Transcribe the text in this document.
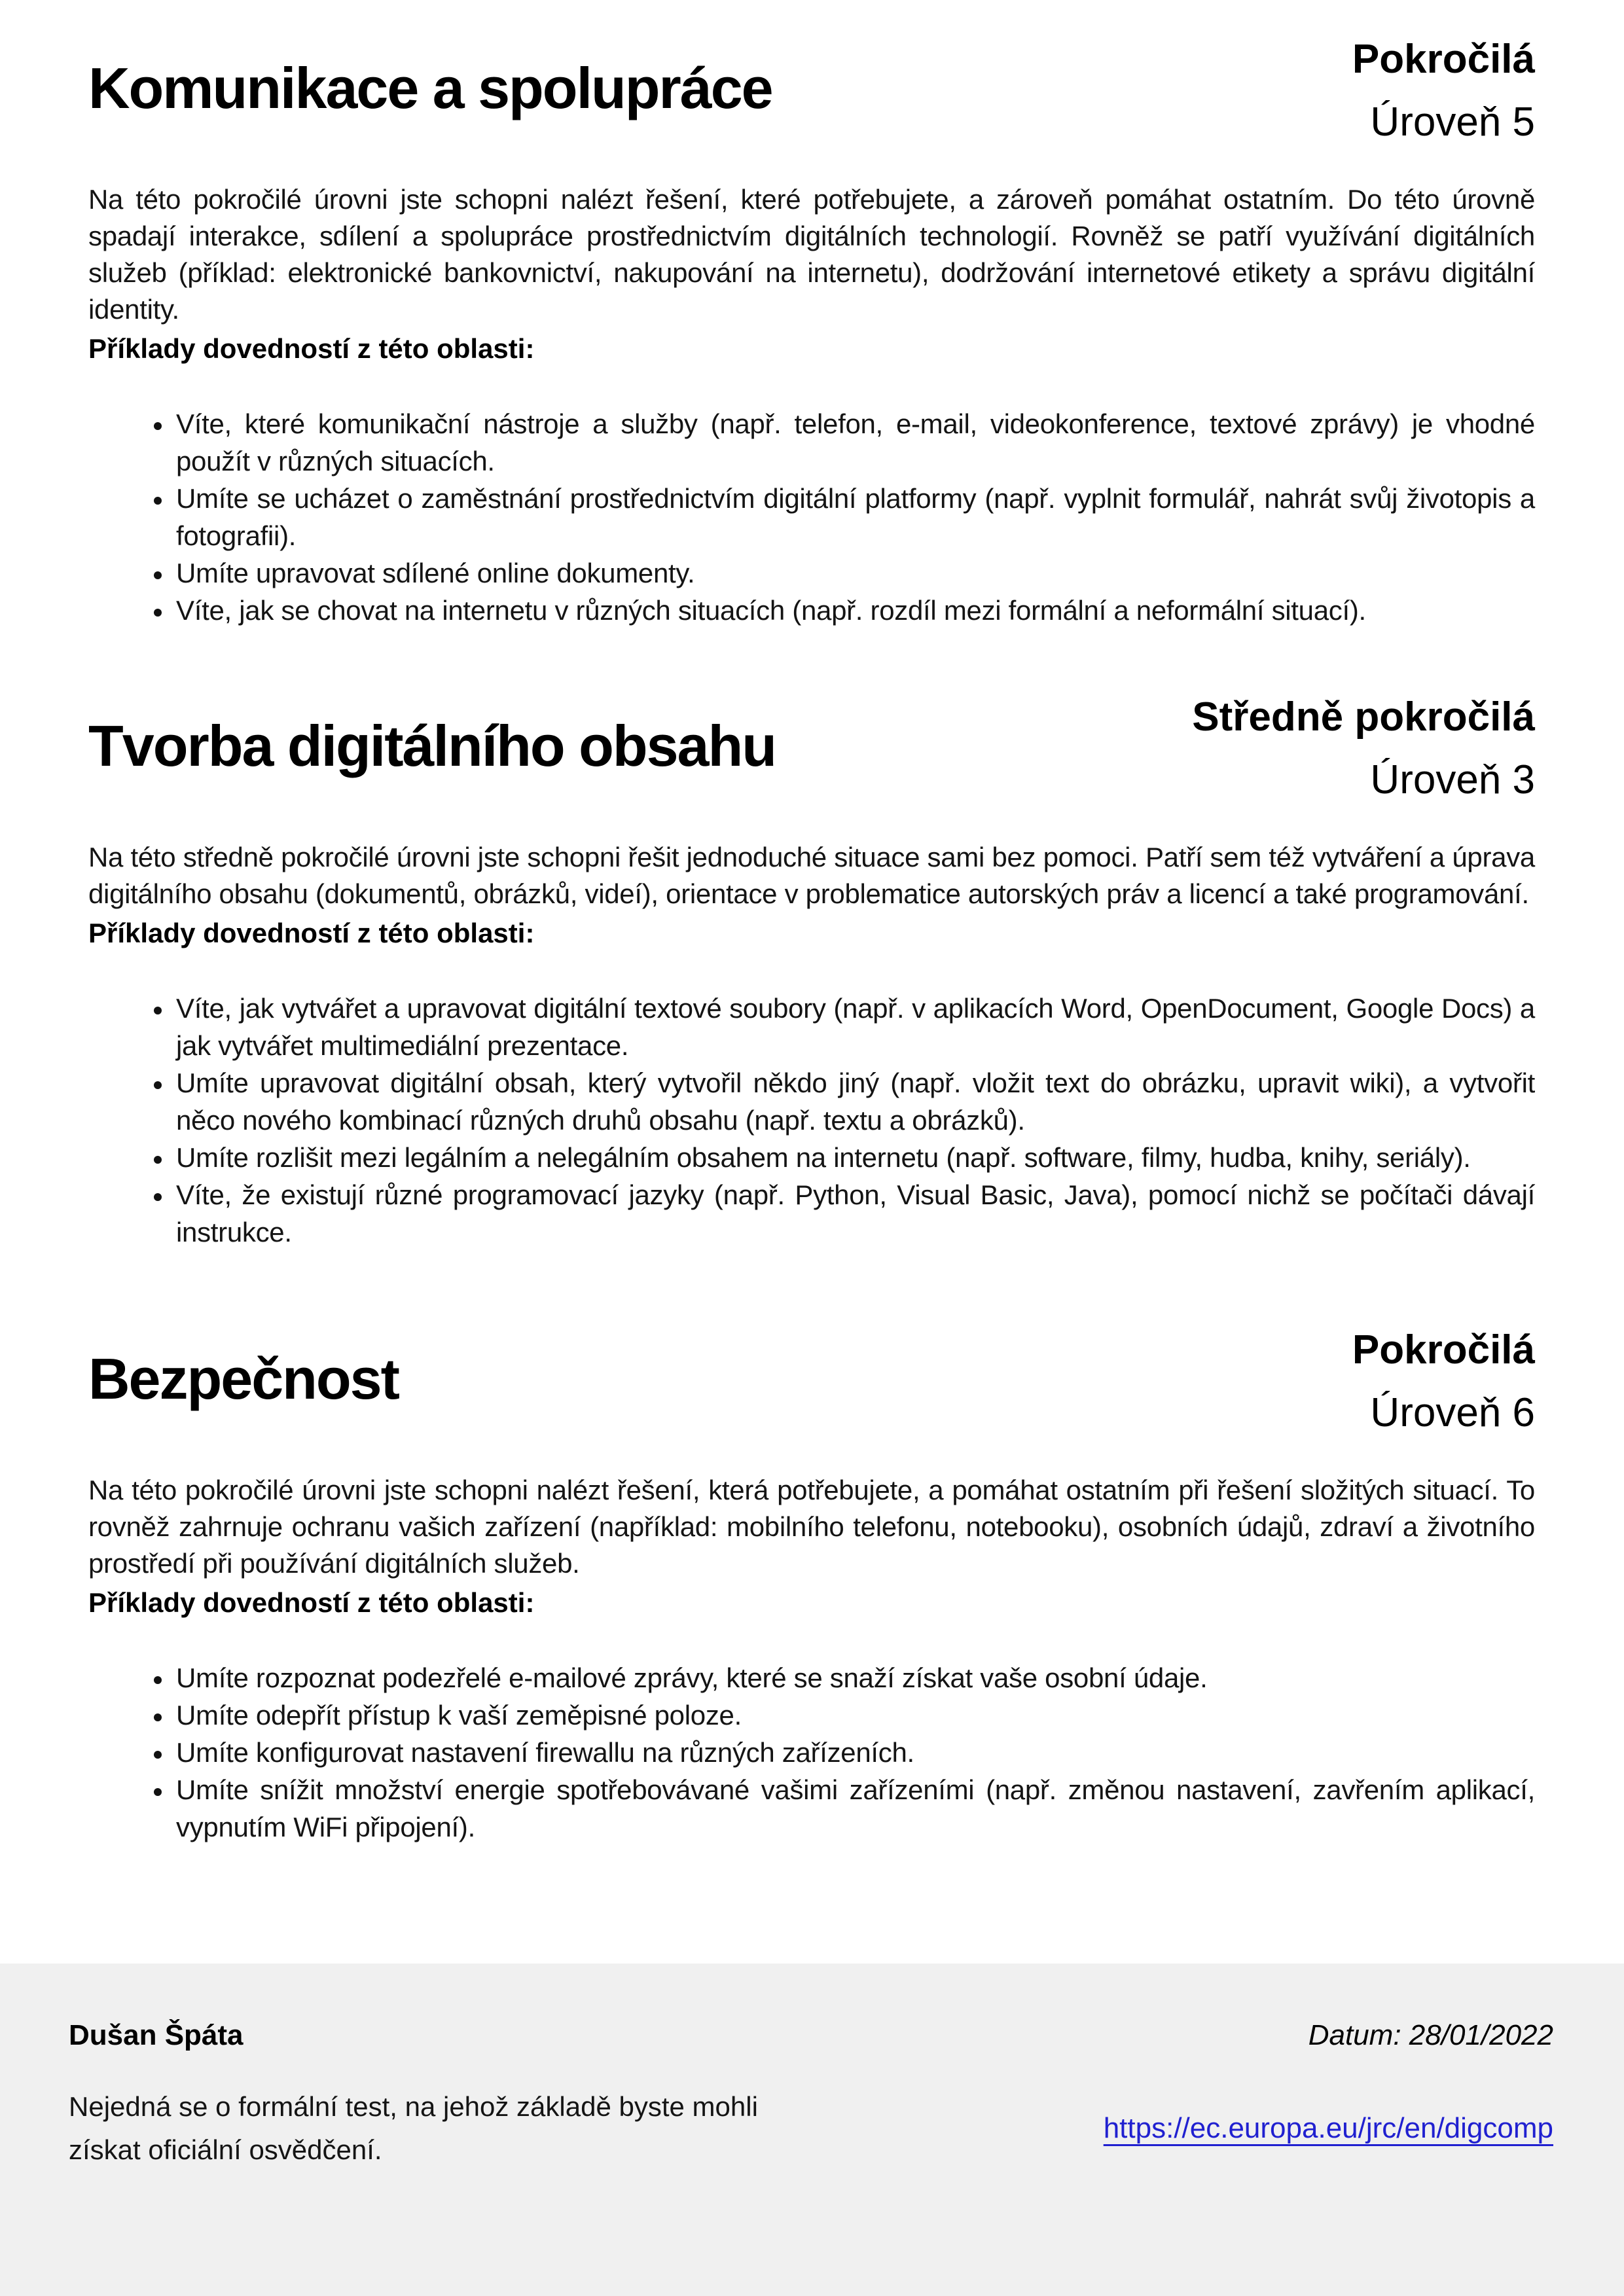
Komunikace a spolupráce	Pokročilá
Úroveň 5

Na této pokročilé úrovni jste schopni nalézt řešení, které potřebujete, a zároveň pomáhat ostatním. Do této úrovně spadají interakce, sdílení a spolupráce prostřednictvím digitálních technologií. Rovněž se patří využívání digitálních služeb (příklad: elektronické bankovnictví, nakupování na internetu), dodržování internetové etikety a správu digitální identity.

Příklady dovedností z této oblasti:

• Víte, které komunikační nástroje a služby (např. telefon, e-mail, videokonference, textové zprávy) je vhodné použít v různých situacích.
• Umíte se ucházet o zaměstnání prostřednictvím digitální platformy (např. vyplnit formulář, nahrát svůj životopis a fotografii).
• Umíte upravovat sdílené online dokumenty.
• Víte, jak se chovat na internetu v různých situacích (např. rozdíl mezi formální a neformální situací).
Tvorba digitálního obsahu	Středně pokročilá
Úroveň 3

Na této středně pokročilé úrovni jste schopni řešit jednoduché situace sami bez pomoci. Patří sem též vytváření a úprava digitálního obsahu (dokumentů, obrázků, videí), orientace v problematice autorských práv a licencí a také programování.

Příklady dovedností z této oblasti:

• Víte, jak vytvářet a upravovat digitální textové soubory (např. v aplikacích Word, OpenDocument, Google Docs) a jak vytvářet multimediální prezentace.
• Umíte upravovat digitální obsah, který vytvořil někdo jiný (např. vložit text do obrázku, upravit wiki), a vytvořit něco nového kombinací různých druhů obsahu (např. textu a obrázků).
• Umíte rozlišit mezi legálním a nelegálním obsahem na internetu (např. software, filmy, hudba, knihy, seriály).
• Víte, že existují různé programovací jazyky (např. Python, Visual Basic, Java), pomocí nichž se počítači dávají instrukce.
Bezpečnost	Pokročilá
Úroveň 6

Na této pokročilé úrovni jste schopni nalézt řešení, která potřebujete, a pomáhat ostatním při řešení složitých situací. To rovněž zahrnuje ochranu vašich zařízení (například: mobilního telefonu, notebooku), osobních údajů, zdraví a životního prostředí při používání digitálních služeb.

Příklady dovedností z této oblasti:

• Umíte rozpoznat podezřelé e-mailové zprávy, které se snaží získat vaše osobní údaje.
• Umíte odepřít přístup k vaší zeměpisné poloze.
• Umíte konfigurovat nastavení firewallu na různých zařízeních.
• Umíte snížit množství energie spotřebovávané vašimi zařízeními (např. změnou nastavení, zavřením aplikací, vypnutím WiFi připojení).
Dušan Špáta	Datum: 28/01/2022
Nejedná se o formální test, na jehož základě byste mohli získat oficiální osvědčení.
https://ec.europa.eu/jrc/en/digcomp
